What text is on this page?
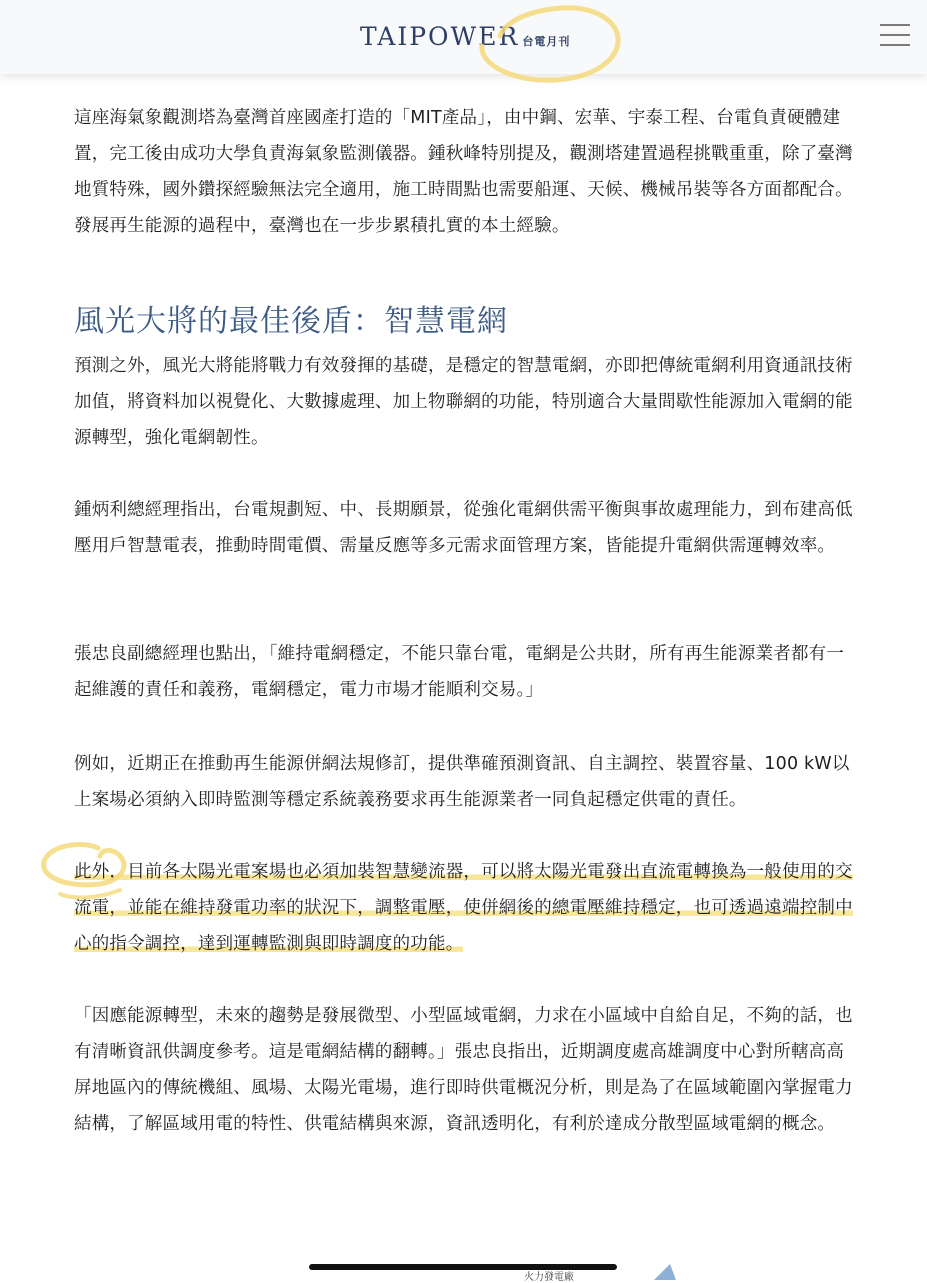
TAIPOWER 台電月刊

這座海氣象觀測塔為臺灣首座國產打造的「MIT產品」，由中鋼、宏華、宇泰工程、台電負責硬體建置，完工後由成功大學負責海氣象監測儀器。鍾秋峰特別提及，觀測塔建置過程挑戰重重，除了臺灣地質特殊，國外鑽探經驗無法完全適用，施工時間點也需要船運、天候、機械吊裝等各方面都配合。發展再生能源的過程中，臺灣也在一步步累積扎實的本土經驗。

風光大將的最佳後盾：智慧電網

預測之外，風光大將能將戰力有效發揮的基礎，是穩定的智慧電網，亦即把傳統電網利用資通訊技術加值，將資料加以視覺化、大數據處理、加上物聯網的功能，特別適合大量間歇性能源加入電網的能源轉型，強化電網韌性。

鍾炳利總經理指出，台電規劃短、中、長期願景，從強化電網供需平衡與事故處理能力，到布建高低壓用戶智慧電表，推動時間電價、需量反應等多元需求面管理方案，皆能提升電網供需運轉效率。

張忠良副總經理也點出，「維持電網穩定，不能只靠台電，電網是公共財，所有再生能源業者都有一起維護的責任和義務，電網穩定，電力市場才能順利交易。」

例如，近期正在推動再生能源併網法規修訂，提供準確預測資訊、自主調控、裝置容量、100 kW以上案場必須納入即時監測等穩定系統義務要求再生能源業者一同負起穩定供電的責任。

此外，目前各太陽光電案場也必須加裝智慧變流器，可以將太陽光電發出直流電轉換為一般使用的交流電，並能在維持發電功率的狀況下，調整電壓，使併網後的總電壓維持穩定，也可透過遠端控制中心的指令調控，達到運轉監測與即時調度的功能。

「因應能源轉型，未來的趨勢是發展微型、小型區域電網，力求在小區域中自給自足，不夠的話，也有清晰資訊供調度參考。這是電網結構的翻轉。」張忠良指出，近期調度處高雄調度中心對所轄高高屏地區內的傳統機組、風場、太陽光電場，進行即時供電概況分析，則是為了在區域範圍內掌握電力結構，了解區域用電的特性、供電結構與來源，資訊透明化，有利於達成分散型區域電網的概念。

火力發電廠
